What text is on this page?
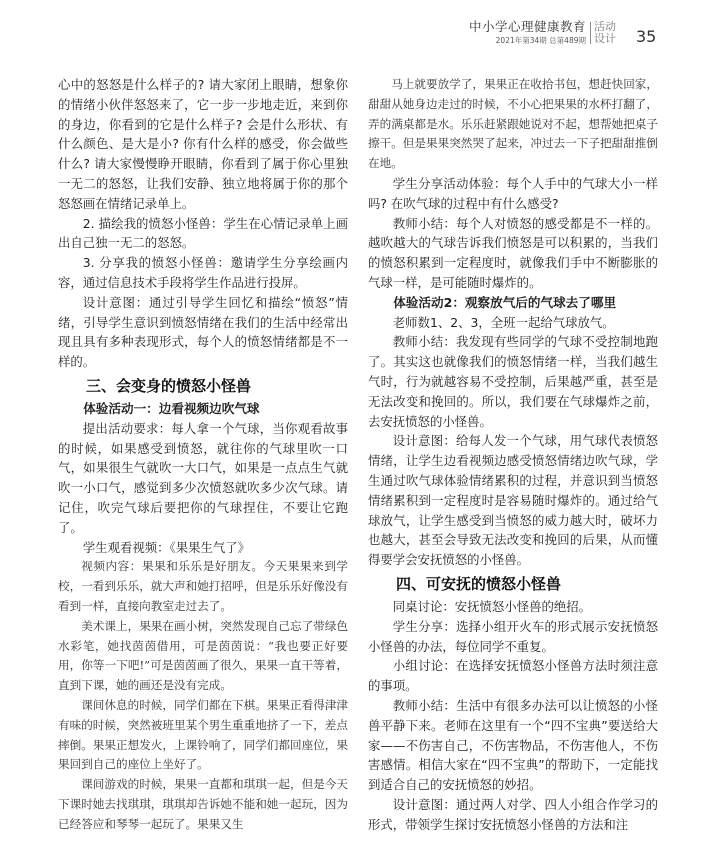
中小学心理健康教育
2021年第34期 总第489期
活动设计 35

心中的怒怒是什么样子的? 请大家闭上眼睛，想象你的情绪小伙伴怒怒来了，它一步一步地走近，来到你的身边，你看到的它是什么样子? 会是什么形状、有什么颜色、是大是小? 你有什么样的感受，你会做些什么? 请大家慢慢睁开眼睛，你看到了属于你心里独一无二的怒怒，让我们安静、独立地将属于你的那个怒怒画在情绪记录单上。

2. 描绘我的愤怒小怪兽：学生在心情记录单上画出自己独一无二的怒怒。

3. 分享我的愤怒小怪兽：邀请学生分享绘画内容，通过信息技术手段将学生作品进行投屏。

设计意图：通过引导学生回忆和描绘“愤怒”情绪，引导学生意识到愤怒情绪在我们的生活中经常出现且具有多种表现形式，每个人的愤怒情绪都是不一样的。

三、会变身的愤怒小怪兽
体验活动一：边看视频边吹气球

提出活动要求：每人拿一个气球，当你观看故事的时候，如果感受到愤怒，就往你的气球里吹一口气，如果很生气就吹一大口气，如果是一点点生气就吹一小口气，感觉到多少次愤怒就吹多少次气球。请记住，吹完气球后要把你的气球捏住，不要让它跑了。

学生观看视频：《果果生气了》

视频内容：果果和乐乐是好朋友。今天果果来到学校，一看到乐乐，就大声和她打招呼，但是乐乐好像没有看到一样，直接向教室走过去了。

美术课上，果果在画小树，突然发现自己忘了带绿色水彩笔，她找茵茵借用，可是茵茵说：“我也要正好要用，你等一下吧!”可是茵茵画了很久，果果一直干等着，直到下课，她的画还是没有完成。

课间休息的时候，同学们都在下棋。果果正看得津津有味的时候，突然被班里某个男生重重地挤了一下，差点摔倒。果果正想发火，上课铃响了，同学们都回座位，果果回到自己的座位上坐好了。

课间游戏的时候，果果一直都和琪琪一起，但是今天下课时她去找琪琪，琪琪却告诉她不能和她一起玩，因为已经答应和琴琴一起玩了。果果又生

马上就要放学了，果果正在收拾书包，想赶快回家，甜甜从她身边走过的时候，不小心把果果的水杯打翻了，弄的满桌都是水。乐乐赶紧跟她说对不起，想帮她把桌子擦干。但是果果突然哭了起来，冲过去一下子把甜甜推倒在地。

学生分享活动体验：每个人手中的气球大小一样吗? 在吹气球的过程中有什么感受?

教师小结：每个人对愤怒的感受都是不一样的。越吹越大的气球告诉我们愤怒是可以积累的，当我们的愤怒积累到一定程度时，就像我们手中不断膨胀的气球一样，是可能随时爆炸的。

体验活动2：观察放气后的气球去了哪里

老师数1、2、3，全班一起给气球放气。

教师小结：我发现有些同学的气球不受控制地跑了。其实这也就像我们的愤怒情绪一样，当我们越生气时，行为就越容易不受控制，后果越严重，甚至是无法改变和挽回的。所以，我们要在气球爆炸之前，去安抚愤怒的小怪兽。

设计意图：给每人发一个气球，用气球代表愤怒情绪，让学生边看视频边感受愤怒情绪边吹气球，学生通过吹气球体验情绪累积的过程，并意识到当愤怒情绪累积到一定程度时是容易随时爆炸的。通过给气球放气，让学生感受到当愤怒的威力越大时，破坏力也越大，甚至会导致无法改变和挽回的后果，从而懂得要学会安抚愤怒的小怪兽。

四、可安抚的愤怒小怪兽

同桌讨论：安抚愤怒小怪兽的绝招。

学生分享：选择小组开火车的形式展示安抚愤怒小怪兽的办法，每位同学不重复。

小组讨论：在选择安抚愤怒小怪兽方法时须注意的事项。

教师小结：生活中有很多办法可以让愤怒的小怪兽平静下来。老师在这里有一个“四不宝典”要送给大家——不伤害自己，不伤害物品，不伤害他人，不伤害感情。相信大家在“四不宝典”的帮助下，一定能找到适合自己的安抚愤怒的妙招。

设计意图：通过两人对学、四人小组合作学习的形式，带领学生探讨安抚愤怒小怪兽的方法和注
